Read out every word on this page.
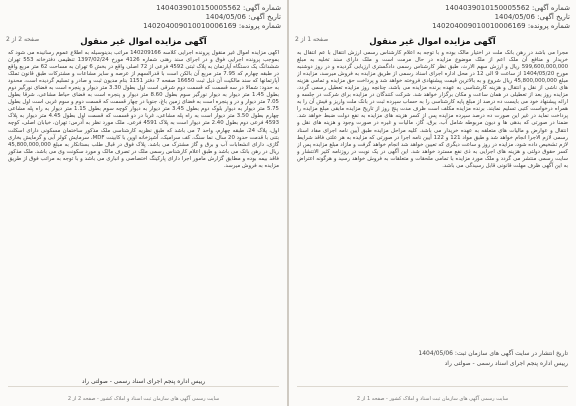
شماره آگهی: 1404039010150005562
تاریخ آگهی: 1404/05/06
شماره پرونده: 140204009010010006169
صفحه 2 از 2	آگهی مزایده اموال غیر منقول
آگهی مزایده اموال غیر منقول پرونده اجرایی کلاسه 140209166 مراتب بدینوسیله به اطلاع عموم رسانیده می شود که بموجب پرونده اجرایی فوق و در اجرای سند رهنی شماره 4126 مورخ 1397/02/24 تنظیمی دفترخانه 553 تهران ششدانگ یک دستگاه آپارتمان به پلاک ثبتی 4592 فرعی از 72 اصلی واقع در بخش 6 تهران به مساحت 62 متر مربع واقع در طبقه چهارم که 7.95 متر مربع آن بالکن است با قدرالسهم از عرصه و سایر مشاعات و مشترکات طبق قانون تملک آپارتمانها که سند مالکیت آن ذیل ثبت 16650 صفحه 7 دفتر 1151 بنام مدیون ثبت و صادر و تسلیم گردیده است، محدود به حدود: شمالا در سه قسمت که قسمت دوم شرقی است اول بطول 3.30 متر دیوار و پنجره است به فضای نورگیر دوم بطول 1.45 متر دیوار به دیوار نورگیر سوم بطول 8.60 متر دیوار و پنجره است به فضای حیاط مشاعی، شرقا بطول 7.05 متر دیوار و در و پنجره است به فضای زمین باغ، جنوبا در چهار قسمت که قسمت دوم و سوم غربی است اول بطول 5.75 متر دیوار به دیوار بلوک دوم بطول 3.45 متر دیوار به دیوار کوچه سوم بطول 1.15 متر دیوار به راه پله مشاعی چهارم بطول 3.50 متر دیوار است به راه پله مشاعی، غربا در دو قسمت که قسمت اول بطول 4.45 متر دیوار به پلاک 4593 فرعی دوم بطول 2.40 متر دیوار است به پلاک 4591 فرعی. ملک مورد نظر به آدرس: تهران، خیابان اصلی، کوچه اول، پلاک 24، طبقه چهارم، واحد 7 می باشد که طبق نظریه کارشناسی ملک مذکور ساختمان مسکونی دارای اسکلت بتنی با قدمت حدود 20 سال، نما سنگ، کف سرامیک، آشپزخانه اوپن با کابینت MDF، سرمایش کولر آبی و گرمایش بخاری گازی، دارای انشعابات آب و برق و گاز مشترک می باشد. پلاک فوق در قبال طلب بستانکار به مبلغ 45,800,000,000 ریال در رهن بانک می باشد و طبق اعلام کارشناس رسمی ملک در تصرف مالک و مورد سکونت وی می باشد. ملک مذکور فاقد بیمه بوده و مطابق گزارش مامور اجرا دارای پارکینگ اختصاصی و انباری می باشد و با توجه به مراتب فوق از طریق مزایده به فروش میرسد.
رییس اداره پنجم اجرای اسناد رسمی - صولتی راد
سایت رسمی آگهی های سازمان ثبت اسناد و املاک کشور - صفحه 2 از 2
شماره آگهی: 1404039010150005562
تاریخ آگهی: 1404/05/06
شماره پرونده: 140204009010010006169
صفحه 1 از 2	آگهی مزایده اموال غیر منقول
مجرا می باشد در رهن بانک ملت در اختیار مالک بوده و با توجه به اعلام کارشناس رسمی ارزش انتقال با عم انتقال به خریدار و منافع آن ملک اعم از ملک موضوع مزایده در حال مرمت است و ملک دارای سند تخلیه به مبلغ 599,600,000,000 ریال و ارزش سهم الارث، طبق نظر کارشناس رسمی دادگستری ارزیابی گردیده و در روز دوشنبه مورخ 1404/05/20 از ساعت 9 الی 12 در محل اداره اجرای اسناد رسمی از طریق مزایده به فروش میرسد، مزایده از مبلغ 45,800,000,000 ریال شروع و به بالاترین قیمت پیشنهادی فروخته خواهد شد و پرداخت حق مزایده و تمامی هزینه های ناشی از نقل و انتقال و هزینه کارشناسی به عهده برنده مزایده می باشد، چنانچه روز مزایده تعطیل رسمی گردد، مزایده روز بعد از تعطیلی در همان ساعت و مکان برگزار خواهد شد. شرکت کنندگان در مزایده برای شرکت در جلسه و ارائه پیشنهاد خود می بایست ده درصد از مبلغ پایه کارشناسی را به حساب سپرده ثبت در بانک ملت واریز و فیش آن را به همراه درخواست کتبی تسلیم نمایند. برنده مزایده مکلف است ظرف مدت پنج روز از تاریخ مزایده مابقی مبلغ مزایده را پرداخت نماید در غیر این صورت ده درصد سپرده مزایده پس از کسر هزینه های مزایده به نفع دولت ضبط خواهد شد. ضمنا در صورتی که بدهی ها و دیون مربوطه شامل آب، برق، گاز، مالیات و غیره در صورت وجود و هزینه های نقل و انتقال و عوارض و مالیات های متعلقه به عهده خریدار می باشد. کلیه مراحل مزایده طبق آیین نامه اجرای مفاد اسناد رسمی لازم الاجرا انجام خواهد شد و طبق مواد 121 و 122 آیین نامه اجرا در صورتی که مزایده به هر علتی فاقد شرایط لازم تشخیص داده شود، مزایده در روز و ساعت دیگری که تعیین خواهد شد انجام خواهد گرفت و مازاد مبلغ مزایده پس از کسر حقوق دولتی و هزینه های اجرایی به ذی نفع مسترد خواهد شد. این آگهی در یک نوبت در روزنامه کثیر الانتشار و سایت رسمی منتشر می گردد و ملک مورد مزایده با تمامی ملحقات و متعلقات به فروش خواهد رسید و هرگونه اعتراض به این آگهی ظرف مهلت قانونی قابل رسیدگی می باشد.
تاریخ انتشار در سایت آگهی های سازمان ثبت: 1404/05/06
رییس اداره پنجم اجرای اسناد رسمی - صولتی راد
سایت رسمی آگهی های سازمان ثبت اسناد و املاک کشور - صفحه 1 از 2
